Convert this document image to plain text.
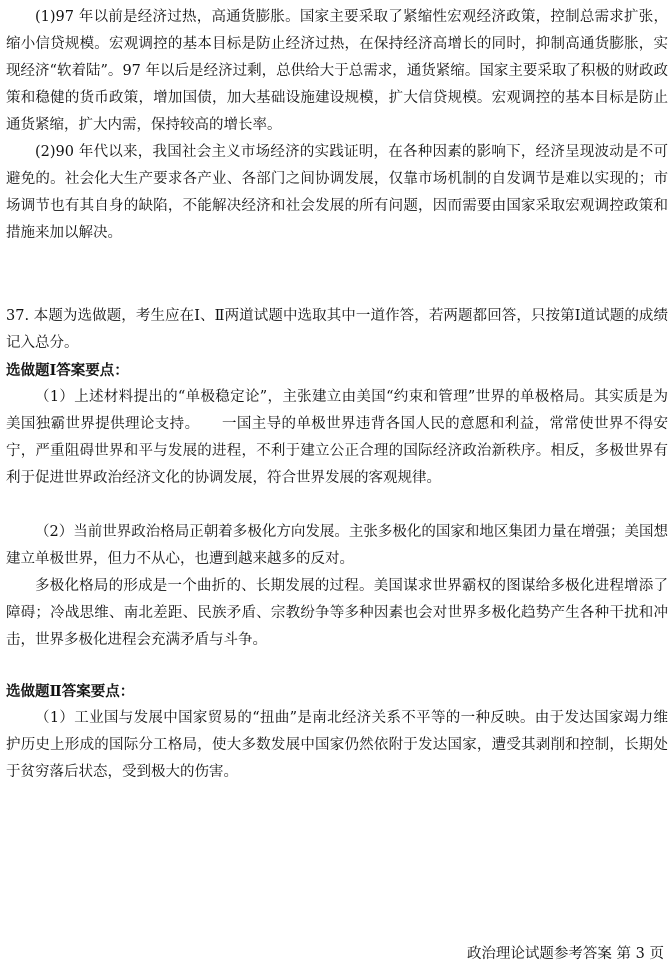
(1)97 年以前是经济过热，高通货膨胀。国家主要采取了紧缩性宏观经济政策，控制总需求扩张，缩小信贷规模。宏观调控的基本目标是防止经济过热，在保持经济高增长的同时，抑制高通货膨胀，实现经济“软着陆”。97 年以后是经济过剩，总供给大于总需求，通货紧缩。国家主要采取了积极的财政政策和稳健的货币政策，增加国债，加大基础设施建设规模，扩大信贷规模。宏观调控的基本目标是防止通货紧缩，扩大内需，保持较高的增长率。

(2)90 年代以来，我国社会主义市场经济的实践证明，在各种因素的影响下，经济呈现波动是不可避免的。社会化大生产要求各产业、各部门之间协调发展，仅靠市场机制的自发调节是难以实现的；市场调节也有其自身的缺陷，不能解决经济和社会发展的所有问题，因而需要由国家采取宏观调控政策和措施来加以解决。

37. 本题为选做题，考生应在Ⅰ、Ⅱ两道试题中选取其中一道作答，若两题都回答，只按第Ⅰ道试题的成绩记入总分。

选做题Ⅰ答案要点：

（1）上述材料提出的“单极稳定论”，主张建立由美国“约束和管理”世界的单极格局。其实质是为美国独霸世界提供理论支持。　　一国主导的单极世界违背各国人民的意愿和利益，常常使世界不得安宁，严重阻碍世界和平与发展的进程，不利于建立公正合理的国际经济政治新秩序。相反，多极世界有利于促进世界政治经济文化的协调发展，符合世界发展的客观规律。

（2）当前世界政治格局正朝着多极化方向发展。主张多极化的国家和地区集团力量在增强；美国想建立单极世界，但力不从心，也遭到越来越多的反对。

多极化格局的形成是一个曲折的、长期发展的过程。美国谋求世界霸权的图谋给多极化进程增添了障碍；冷战思维、南北差距、民族矛盾、宗教纷争等多种因素也会对世界多极化趋势产生各种干扰和冲击，世界多极化进程会充满矛盾与斗争。

选做题Ⅱ答案要点：

（1）工业国与发展中国家贸易的“扭曲”是南北经济关系不平等的一种反映。由于发达国家竭力维护历史上形成的国际分工格局，使大多数发展中国家仍然依附于发达国家，遭受其剥削和控制，长期处于贫穷落后状态，受到极大的伤害。

政治理论试题参考答案 第 3 页
